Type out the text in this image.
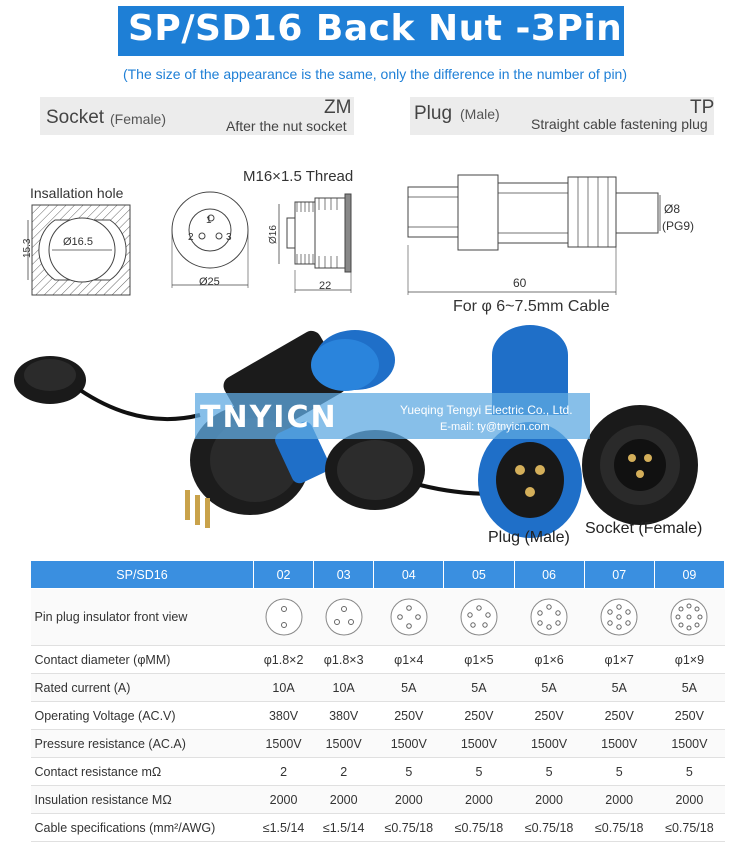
SP/SD16 Back Nut -3Pin
(The size of the appearance is the same, only the difference in the number of pin)
Socket (Female)
ZM
After the nut socket
Plug (Male)	TP
Straight cable fastening plug
Insallation hole
Ø16.5
15.3
1
2	3
Ø25
M16×1.5 Thread
Ø16
22
Ø8
(PG9)
60
For φ 6~7.5mm Cable
TNYICN	Yueqing Tengyi Electric Co., Ltd.
E-mail: ty@tnyicn.com
Plug (Male)
Socket (Female)
SP/SD16	02	03	04	05	06	07	09
Pin plug insulator front view	

Contact diameter (φMM)	φ1.8×2	φ1.8×3	φ1×4	φ1×5	φ1×6	φ1×7	φ1×9
Rated current (A)	10A	10A	5A	5A	5A	5A	5A
Operating Voltage (AC.V)	380V	380V	250V	250V	250V	250V	250V
Pressure resistance (AC.A)	1500V	1500V	1500V	1500V	1500V	1500V	1500V
Contact resistance mΩ	2	2	5	5	5	5	5
Insulation resistance MΩ	2000	2000	2000	2000	2000	2000	2000
Cable specifications (mm²/AWG)	≤1.5/14	≤1.5/14	≤0.75/18	≤0.75/18	≤0.75/18	≤0.75/18	≤0.75/18
